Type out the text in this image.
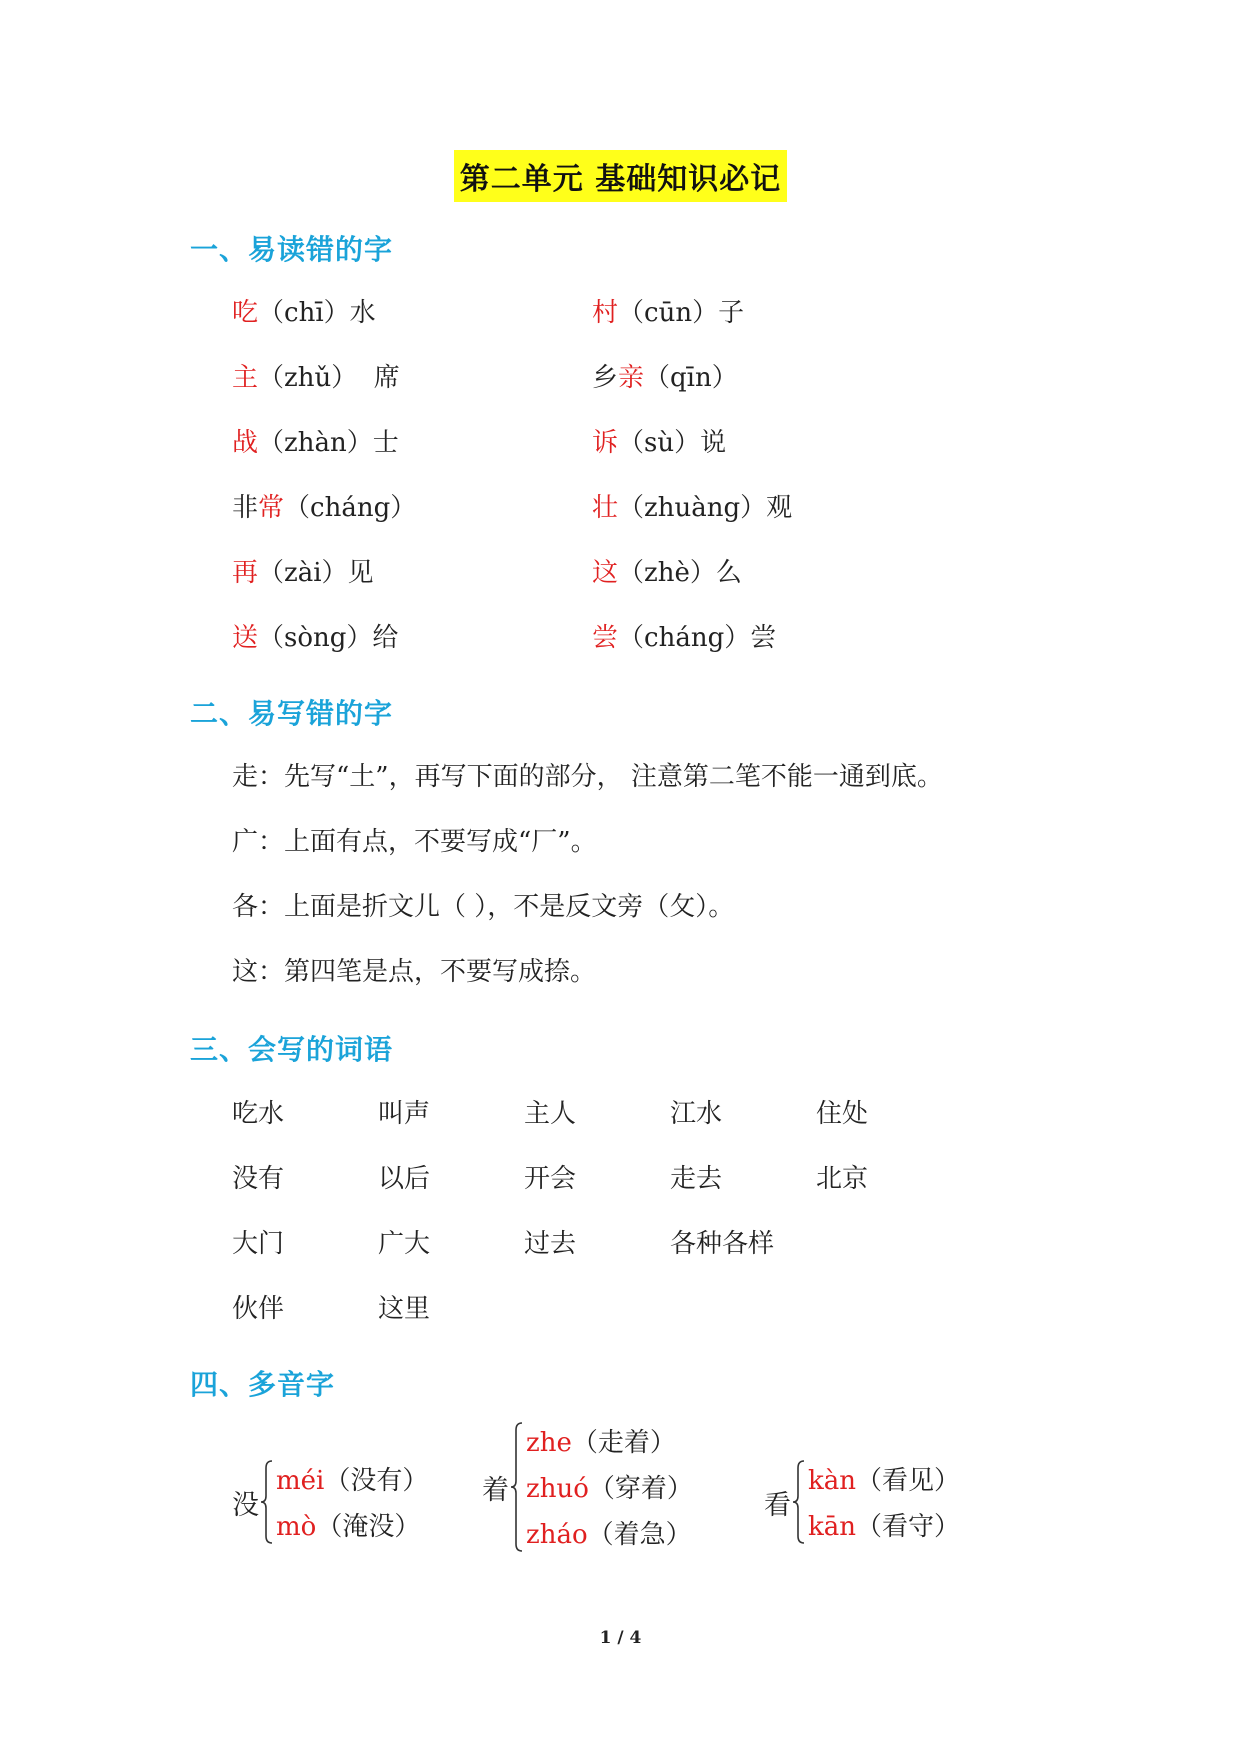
第二单元 基础知识必记
一、易读错的字
吃（chī）水	村（cūn）子
主（zhǔ）  席	乡亲（qīn）
战（zhàn）士	诉（sù）说
非常（cháng）	壮（zhuàng）观
再（zài）见	这（zhè）么
送（sòng）给	尝（cháng）尝
二、易写错的字
走：先写“土”，再写下面的部分， 注意第二笔不能一通到底。
广：上面有点，不要写成“厂”。
各：上面是折文儿（ ），不是反文旁（攵）。
这：第四笔是点，不要写成捺。
三、会写的词语
吃水	叫声	主人	江水	住处
没有	以后	开会	走去	北京
大门	广大	过去	各种各样
伙伴	这里
四、多音字
没
méi（没有）
mò（淹没）
着
zhe（走着）
zhuó（穿着）
zháo（着急）
看
kàn（看见）
kān（看守）
1 / 4
